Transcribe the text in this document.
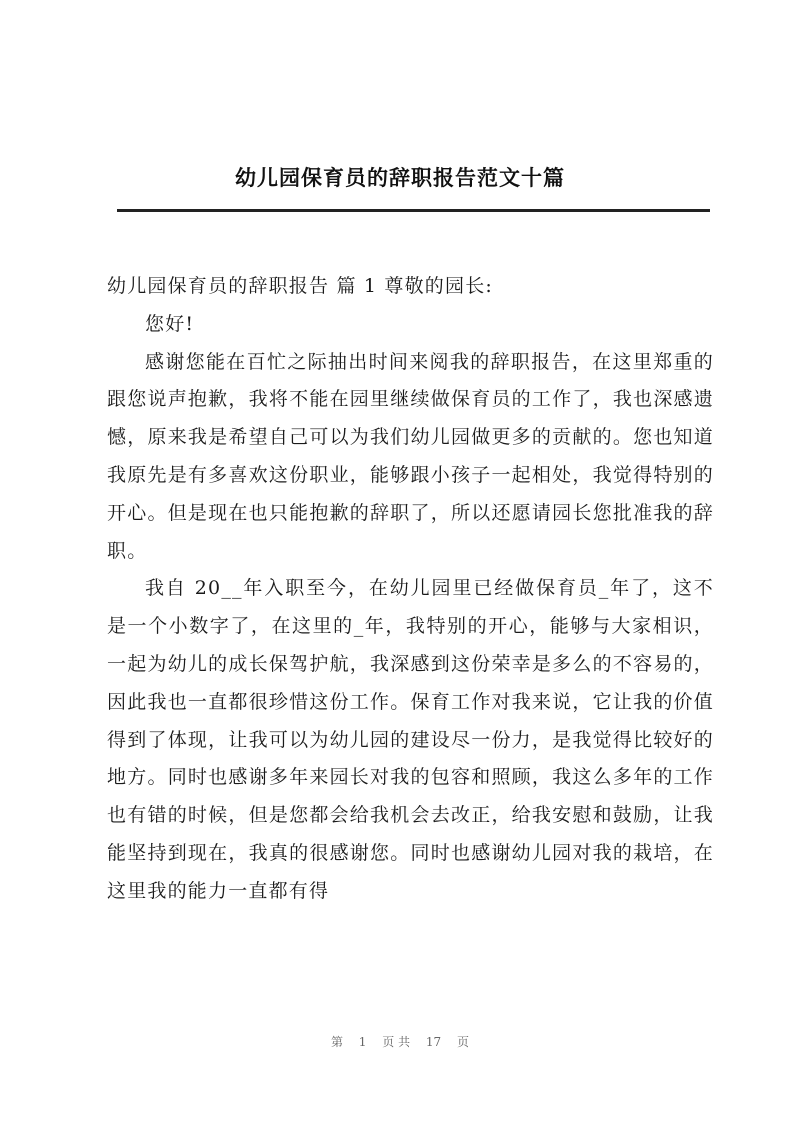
幼儿园保育员的辞职报告范文十篇

幼儿园保育员的辞职报告 篇 1 尊敬的园长:

您好!

感谢您能在百忙之际抽出时间来阅我的辞职报告，在这里郑重的跟您说声抱歉，我将不能在园里继续做保育员的工作了，我也深感遗憾，原来我是希望自己可以为我们幼儿园做更多的贡献的。您也知道我原先是有多喜欢这份职业，能够跟小孩子一起相处，我觉得特别的开心。但是现在也只能抱歉的辞职了，所以还愿请园长您批准我的辞职。

我自 20__年入职至今，在幼儿园里已经做保育员_年了，这不是一个小数字了，在这里的_年，我特别的开心，能够与大家相识，一起为幼儿的成长保驾护航，我深感到这份荣幸是多么的不容易的，因此我也一直都很珍惜这份工作。保育工作对我来说，它让我的价值得到了体现，让我可以为幼儿园的建设尽一份力，是我觉得比较好的地方。同时也感谢多年来园长对我的包容和照顾，我这么多年的工作也有错的时候，但是您都会给我机会去改正，给我安慰和鼓励，让我能坚持到现在，我真的很感谢您。同时也感谢幼儿园对我的栽培，在这里我的能力一直都有得

第 1 页 共 17 页
